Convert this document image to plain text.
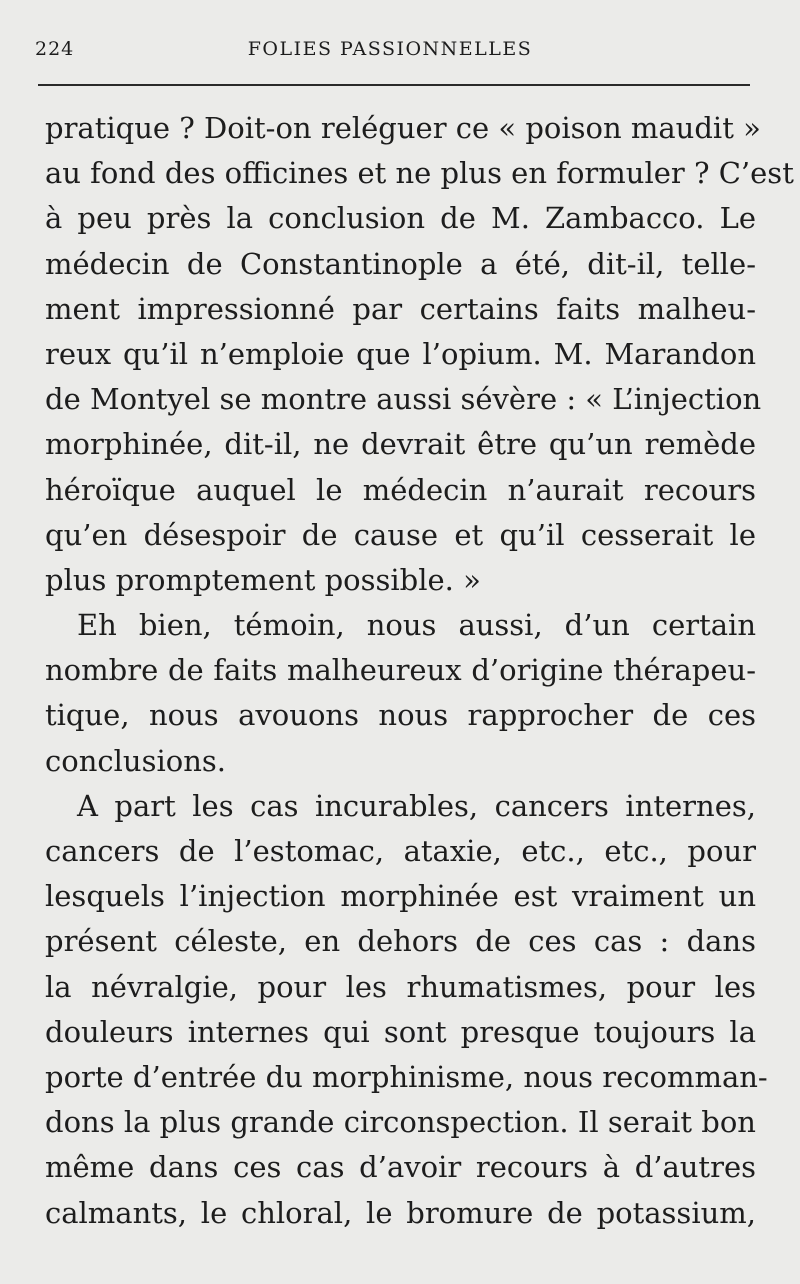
224	FOLIES PASSIONNELLES
pratique ? Doit-on reléguer ce « poison maudit »
au fond des officines et ne plus en formuler ? C’est
à peu près la conclusion de M. Zambacco. Le
médecin de Constantinople a été, dit-il, telle-
ment impressionné par certains faits malheu-
reux qu’il n’emploie que l’opium. M. Marandon
de Montyel se montre aussi sévère : « L’injection
morphinée, dit-il, ne devrait être qu’un remède
héroïque auquel le médecin n’aurait recours
qu’en désespoir de cause et qu’il cesserait le
plus promptement possible. »
Eh bien, témoin, nous aussi, d’un certain
nombre de faits malheureux d’origine thérapeu-
tique, nous avouons nous rapprocher de ces
conclusions.
A part les cas incurables, cancers internes,
cancers de l’estomac, ataxie, etc., etc., pour
lesquels l’injection morphinée est vraiment un
présent céleste, en dehors de ces cas : dans
la névralgie, pour les rhumatismes, pour les
douleurs internes qui sont presque toujours la
porte d’entrée du morphinisme, nous recomman-
dons la plus grande circonspection. Il serait bon
même dans ces cas d’avoir recours à d’autres
calmants, le chloral, le bromure de potassium,
